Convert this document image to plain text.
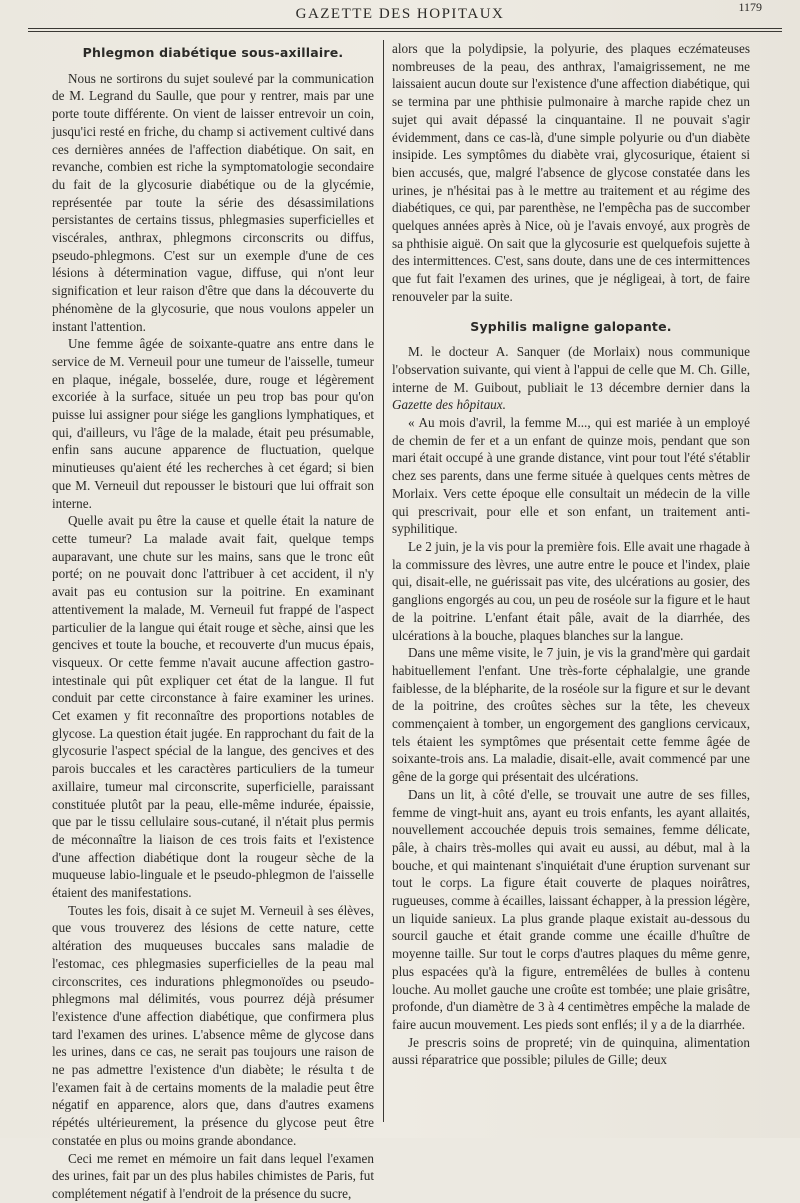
GAZETTE DES HOPITAUX	1179
Phlegmon diabétique sous-axillaire.

Nous ne sortirons du sujet soulevé par la communication de M. Legrand du Saulle, que pour y rentrer, mais par une porte toute différente. On vient de laisser entrevoir un coin, jusqu'ici resté en friche, du champ si activement cultivé dans ces dernières années de l'affection diabétique. On sait, en revanche, combien est riche la symptomatologie secondaire du fait de la glycosurie diabétique ou de la glycémie, représentée par toute la série des désassimilations persistantes de certains tissus, phlegmasies superficielles et viscérales, anthrax, phlegmons circonscrits ou diffus, pseudo-phlegmons. C'est sur un exemple d'une de ces lésions à détermination vague, diffuse, qui n'ont leur signification et leur raison d'être que dans la découverte du phénomène de la glycosurie, que nous voulons appeler un instant l'attention.

Une femme âgée de soixante-quatre ans entre dans le service de M. Verneuil pour une tumeur de l'aisselle, tumeur en plaque, inégale, bosselée, dure, rouge et légèrement excoriée à la surface, située un peu trop bas pour qu'on puisse lui assigner pour siége les ganglions lymphatiques, et qui, d'ailleurs, vu l'âge de la malade, était peu présumable, enfin sans aucune apparence de fluctuation, quelque minutieuses qu'aient été les recherches à cet égard; si bien que M. Verneuil dut repousser le bistouri que lui offrait son interne.

Quelle avait pu être la cause et quelle était la nature de cette tumeur? La malade avait fait, quelque temps auparavant, une chute sur les mains, sans que le tronc eût porté; on ne pouvait donc l'attribuer à cet accident, il n'y avait pas eu contusion sur la poitrine. En examinant attentivement la malade, M. Verneuil fut frappé de l'aspect particulier de la langue qui était rouge et sèche, ainsi que les gencives et toute la bouche, et recouverte d'un mucus épais, visqueux. Or cette femme n'avait aucune affection gastro-intestinale qui pût expliquer cet état de la langue. Il fut conduit par cette circonstance à faire examiner les urines. Cet examen y fit reconnaître des proportions notables de glycose. La question était jugée. En rapprochant du fait de la glycosurie l'aspect spécial de la langue, des gencives et des parois buccales et les caractères particuliers de la tumeur axillaire, tumeur mal circonscrite, superficielle, paraissant constituée plutôt par la peau, elle-même indurée, épaissie, que par le tissu cellulaire sous-cutané, il n'était plus permis de méconnaître la liaison de ces trois faits et l'existence d'une affection diabétique dont la rougeur sèche de la muqueuse labio-linguale et le pseudo-phlegmon de l'aisselle étaient des manifestations.

Toutes les fois, disait à ce sujet M. Verneuil à ses élèves, que vous trouverez des lésions de cette nature, cette altération des muqueuses buccales sans maladie de l'estomac, ces phlegmasies superficielles de la peau mal circonscrites, ces indurations phlegmonoïdes ou pseudo-phlegmons mal délimités, vous pourrez déjà présumer l'existence d'une affection diabétique, que confirmera plus tard l'examen des urines. L'absence même de glycose dans les urines, dans ce cas, ne serait pas toujours une raison de ne pas admettre l'existence d'un diabète; le résulta t de l'examen fait à de certains moments de la maladie peut être négatif en apparence, alors que, dans d'autres examens répétés ultérieurement, la présence du glycose peut être constatée en plus ou moins grande abondance.

Ceci me remet en mémoire un fait dans lequel l'examen des urines, fait par un des plus habiles chimistes de Paris, fut complétement négatif à l'endroit de la présence du sucre,

alors que la polydipsie, la polyurie, des plaques eczémateuses nombreuses de la peau, des anthrax, l'amaigrissement, ne me laissaient aucun doute sur l'existence d'une affection diabétique, qui se termina par une phthisie pulmonaire à marche rapide chez un sujet qui avait dépassé la cinquantaine. Il ne pouvait s'agir évidemment, dans ce cas-là, d'une simple polyurie ou d'un diabète insipide. Les symptômes du diabète vrai, glycosurique, étaient si bien accusés, que, malgré l'absence de glycose constatée dans les urines, je n'hésitai pas à le mettre au traitement et au régime des diabétiques, ce qui, par parenthèse, ne l'empêcha pas de succomber quelques années après à Nice, où je l'avais envoyé, aux progrès de sa phthisie aiguë. On sait que la glycosurie est quelquefois sujette à des intermittences. C'est, sans doute, dans une de ces intermittences que fut fait l'examen des urines, que je négligeai, à tort, de faire renouveler par la suite.

Syphilis maligne galopante.

M. le docteur A. Sanquer (de Morlaix) nous communique l'observation suivante, qui vient à l'appui de celle que M. Ch. Gille, interne de M. Guibout, publiait le 13 décembre dernier dans la Gazette des hôpitaux.

« Au mois d'avril, la femme M..., qui est mariée à un employé de chemin de fer et a un enfant de quinze mois, pendant que son mari était occupé à une grande distance, vint pour tout l'été s'établir chez ses parents, dans une ferme située à quelques cents mètres de Morlaix. Vers cette époque elle consultait un médecin de la ville qui prescrivait, pour elle et son enfant, un traitement anti-syphilitique.

Le 2 juin, je la vis pour la première fois. Elle avait une rhagade à la commissure des lèvres, une autre entre le pouce et l'index, plaie qui, disait-elle, ne guérissait pas vite, des ulcérations au gosier, des ganglions engorgés au cou, un peu de roséole sur la figure et le haut de la poitrine. L'enfant était pâle, avait de la diarrhée, des ulcérations à la bouche, plaques blanches sur la langue.

Dans une même visite, le 7 juin, je vis la grand'mère qui gardait habituellement l'enfant. Une très-forte céphalalgie, une grande faiblesse, de la blépharite, de la roséole sur la figure et sur le devant de la poitrine, des croûtes sèches sur la tête, les cheveux commençaient à tomber, un engorgement des ganglions cervicaux, tels étaient les symptômes que présentait cette femme âgée de soixante-trois ans. La maladie, disait-elle, avait commencé par une gêne de la gorge qui présentait des ulcérations.

Dans un lit, à côté d'elle, se trouvait une autre de ses filles, femme de vingt-huit ans, ayant eu trois enfants, les ayant allaités, nouvellement accouchée depuis trois semaines, femme délicate, pâle, à chairs très-molles qui avait eu aussi, au début, mal à la bouche, et qui maintenant s'inquiétait d'une éruption survenant sur tout le corps. La figure était couverte de plaques noirâtres, rugueuses, comme à écailles, laissant échapper, à la pression légère, un liquide sanieux. La plus grande plaque existait au-dessous du sourcil gauche et était grande comme une écaille d'huître de moyenne taille. Sur tout le corps d'autres plaques du même genre, plus espacées qu'à la figure, entremêlées de bulles à contenu louche. Au mollet gauche une croûte est tombée; une plaie grisâtre, profonde, d'un diamètre de 3 à 4 centimètres empêche la malade de faire aucun mouvement. Les pieds sont enflés; il y a de la diarrhée.

Je prescris soins de propreté; vin de quinquina, alimentation aussi réparatrice que possible; pilules de Gille; deux
